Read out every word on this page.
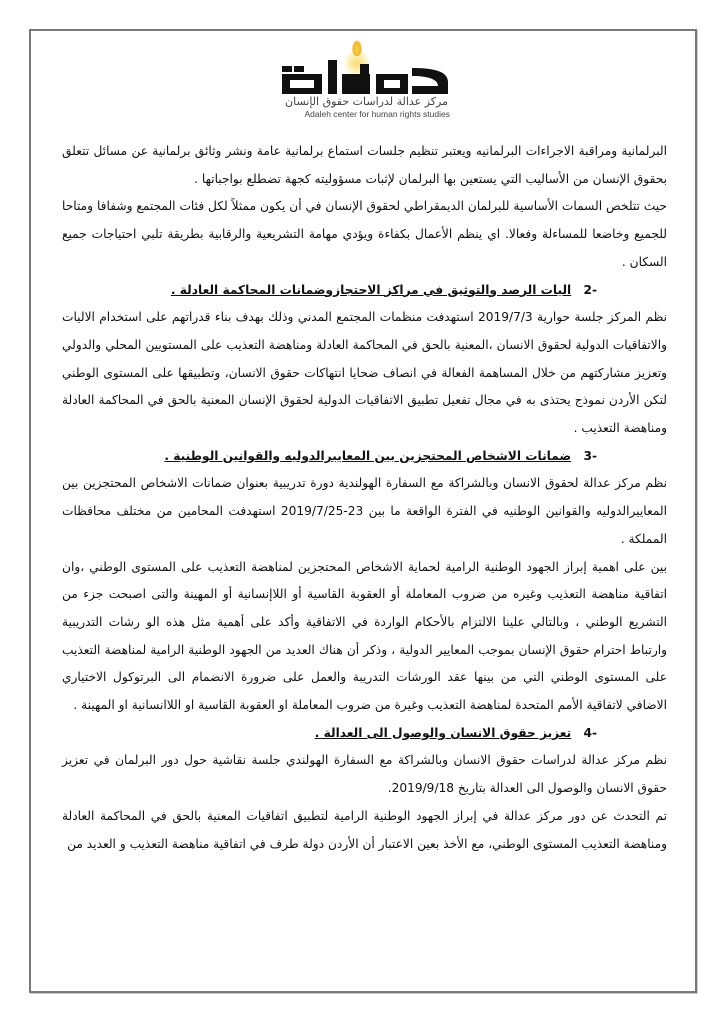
مركز عدالة لدراسات حقوق الإنسان
Adaleh center for human rights studies

البرلمانية ومراقبة الاجراءات البرلمانيه ويعتبر تنظيم جلسات استماع برلمانية عامة ونشر وثائق برلمانية عن مسائل تتعلق بحقوق الإنسان من الأساليب التي يستعين بها البرلمان لإثبات مسؤوليته كجهة تضطلع بواجباتها .

حيث تتلخص السمات الأساسية للبرلمان الديمقراطي لحقوق الإنسان في أن يكون ممثلاً لكل فئات المجتمع وشفافا ومتاحا للجميع وخاضعا للمساءلة وفعالا. اي ينظم الأعمال بكفاءة ويؤدي مهامة التشريعية والرقابية بطريقة تلبي احتياجات جميع السكان .

-2 اليات الرصد والتوثيق في مراكز الاحتجازوضمانات المحاكمة العادلة .

نظم المركز جلسة حوارية 2019/7/3 استهدفت منظمات المجتمع المدني وذلك بهدف بناء قدراتهم على استخدام الاليات والاتفاقيات الدولية لحقوق الانسان ،المعنية بالحق في المحاكمة العادلة ومناهضة التعذيب على المستويين المحلي والدولي وتعزيز مشاركتهم من خلال المساهمة الفعالة في انصاف ضحايا انتهاكات حقوق الانسان، وتطبيقها على المستوى الوطني لتكن الأردن نموذج يحتذى به في مجال تفعيل تطبيق الاتفاقيات الدولية لحقوق الإنسان المعنية بالحق في المحاكمة العادلة ومناهضة التعذيب .

-3 ضمانات الاشخاص المحتجزين بين المعاييرالدوليه والقوانين الوطنية .

نظم مركز عدالة لحقوق الانسان وبالشراكة مع السفارة الهولندية دورة تدريبية بعنوان ضمانات الاشخاص المحتجزين بين المعاييرالدوليه والقوانين الوطنيه في الفترة الواقعة ما بين 23-2019/7/25 استهدفت المحامين من مختلف محافظات المملكة .

بين على اهمية إبراز الجهود الوطنية الرامية لحماية الاشخاص المحتجزين لمناهضة التعذيب على المستوى الوطني ،وان اتفاقية مناهضة التعذيب وغيره من ضروب المعاملة أو العقوبة القاسية أو اللاإنسانية أو المهينة والتى اصبحت جزء من التشريع الوطني ، وبالتالي علينا الالتزام بالأحكام الواردة في الاتفاقية وأكد على أهمية مثل هذه الو رشات التدريبية وارتباط احترام حقوق الإنسان بموجب المعايير الدولية ، وذكر أن هناك العديد من الجهود الوطنية الرامية لمناهضة التعذيب على المستوى الوطني التي من بينها عقد الورشات التدريبة والعمل على ضرورة الانضمام الى البرتوكول الاختياري الاضافي لاتفاقية الأمم المتحدة لمناهضة التعذيب وغيرة من ضروب المعاملة او العقوبة القاسية او اللاانسانية او المهينة .

-4 تعزيز حقوق الانسان والوصول الى العدالة .

نظم مركز عدالة لدراسات حقوق الانسان وبالشراكة مع السفارة الهولندي جلسة نقاشية حول دور البرلمان في تعزيز حقوق الانسان والوصول الى العدالة بتاريخ 2019/9/18.

تم التحدث عن دور مركز عدالة في إبراز الجهود الوطنية الرامية لتطبيق اتفاقيات المعنية بالحق في المحاكمة العادلة ومناهضة التعذيب المستوى الوطني، مع الأخذ بعين الاعتبار أن الأردن دولة طرف في اتفاقية مناهضة التعذيب و العديد من
